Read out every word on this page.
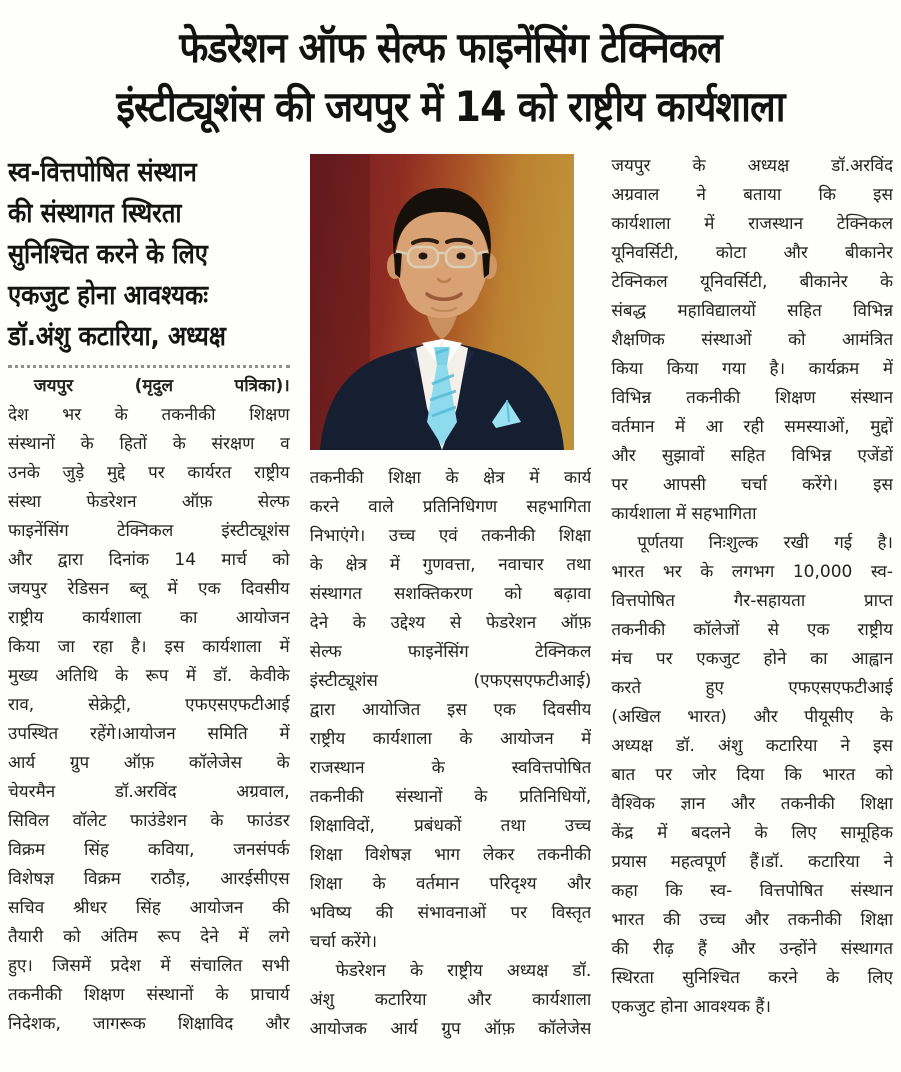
फेडरेशन ऑफ सेल्फ फाइनेंसिंग टेक्निकल
इंस्टीट्यूशंस की जयपुर में 14 को राष्ट्रीय कार्यशाला
स्व-वित्तपोषित संस्थान
की संस्थागत स्थिरता
सुनिश्चित करने के लिए
एकजुट होना आवश्यकः
डॉ.अंशु कटारिया, अध्यक्ष
जयपुर (मृदुल पत्रिका)।
देश भर के तकनीकी शिक्षण
संस्थानों के हितों के संरक्षण व
उनके जुड़े मुद्दे पर कार्यरत राष्ट्रीय
संस्था फेडरेशन ऑफ़ सेल्फ
फाइनेंसिंग टेक्निकल इंस्टीट्यूशंस
और द्वारा दिनांक 14 मार्च को
जयपुर रेडिसन ब्लू में एक दिवसीय
राष्ट्रीय कार्यशाला का आयोजन
किया जा रहा है। इस कार्यशाला में
मुख्य अतिथि के रूप में डॉ. केवीके
राव, सेक्रेट्री, एफएसएफटीआई
उपस्थित रहेंगे।आयोजन समिति में
आर्य ग्रुप ऑफ़ कॉलेजेस के
चेयरमैन डॉ.अरविंद अग्रवाल,
सिविल वॉलेट फाउंडेशन के फाउंडर
विक्रम सिंह कविया, जनसंपर्क
विशेषज्ञ विक्रम राठौड़, आरईसीएस
सचिव श्रीधर सिंह आयोजन की
तैयारी को अंतिम रूप देने में लगे
हुए। जिसमें प्रदेश में संचालित सभी
तकनीकी शिक्षण संस्थानों के प्राचार्य
निदेशक, जागरूक शिक्षाविद और
तकनीकी शिक्षा के क्षेत्र में कार्य
करने वाले प्रतिनिधिगण सहभागिता
निभाएंगे। उच्च एवं तकनीकी शिक्षा
के क्षेत्र में गुणवत्ता, नवाचार तथा
संस्थागत सशक्तिकरण को बढ़ावा
देने के उद्देश्य से फेडरेशन ऑफ़
सेल्फ फाइनेंसिंग टेक्निकल
इंस्टीट्यूशंस (एफएसएफटीआई)
द्वारा आयोजित इस एक दिवसीय
राष्ट्रीय कार्यशाला के आयोजन में
राजस्थान के स्ववित्तपोषित
तकनीकी संस्थानों के प्रतिनिधियों,
शिक्षाविदों, प्रबंधकों तथा उच्च
शिक्षा विशेषज्ञ भाग लेकर तकनीकी
शिक्षा के वर्तमान परिदृश्य और
भविष्य की संभावनाओं पर विस्तृत
चर्चा करेंगे।
फेडरेशन के राष्ट्रीय अध्यक्ष डॉ.
अंशु कटारिया और कार्यशाला
आयोजक आर्य ग्रुप ऑफ़ कॉलेजेस
जयपुर के अध्यक्ष डॉ.अरविंद
अग्रवाल ने बताया कि इस
कार्यशाला में राजस्थान टेक्निकल
यूनिवर्सिटी, कोटा और बीकानेर
टेक्निकल यूनिवर्सिटी, बीकानेर के
संबद्ध महाविद्यालयों सहित विभिन्न
शैक्षणिक संस्थाओं को आमंत्रित
किया किया गया है। कार्यक्रम में
विभिन्न तकनीकी शिक्षण संस्थान
वर्तमान में आ रही समस्याओं, मुद्दों
और सुझावों सहित विभिन्न एजेंडों
पर आपसी चर्चा करेंगे। इस
कार्यशाला में सहभागिता
पूर्णतया निःशुल्क रखी गई है।
भारत भर के लगभग 10,000 स्व-
वित्तपोषित गैर-सहायता प्राप्त
तकनीकी कॉलेजों से एक राष्ट्रीय
मंच पर एकजुट होने का आह्वान
करते हुए एफएसएफटीआई
(अखिल भारत) और पीयूसीए के
अध्यक्ष डॉ. अंशु कटारिया ने इस
बात पर जोर दिया कि भारत को
वैश्विक ज्ञान और तकनीकी शिक्षा
केंद्र में बदलने के लिए सामूहिक
प्रयास महत्वपूर्ण हैं।डॉ. कटारिया ने
कहा कि स्व- वित्तपोषित संस्थान
भारत की उच्च और तकनीकी शिक्षा
की रीढ़ हैं और उन्होंने संस्थागत
स्थिरता सुनिश्चित करने के लिए
एकजुट होना आवश्यक हैं।
